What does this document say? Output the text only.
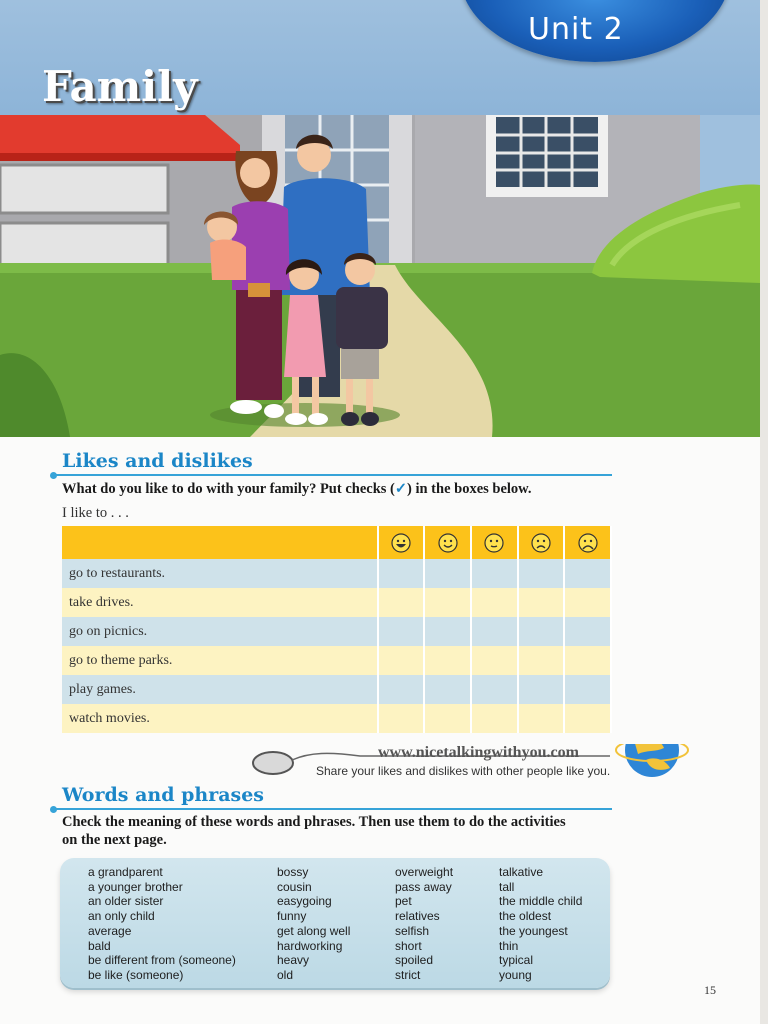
Unit 2
Family
Likes and dislikes
What do you like to do with your family? Put checks (✓) in the boxes below.
I like to . . .

go to restaurants.					
take drives.					
go on picnics.					
go to theme parks.					
play games.					
watch movies.					
www.nicetalkingwithyou.com
Share your likes and dislikes with other people like you.
Words and phrases
Check the meaning of these words and phrases. Then use them to do the activities
on the next page.
a grandparent
a younger brother
an older sister
an only child
average
bald
be different from (someone)
be like (someone)
bossy
cousin
easygoing
funny
get along well
hardworking
heavy
old
overweight
pass away
pet
relatives
selfish
short
spoiled
strict
talkative
tall
the middle child
the oldest
the youngest
thin
typical
young
15
